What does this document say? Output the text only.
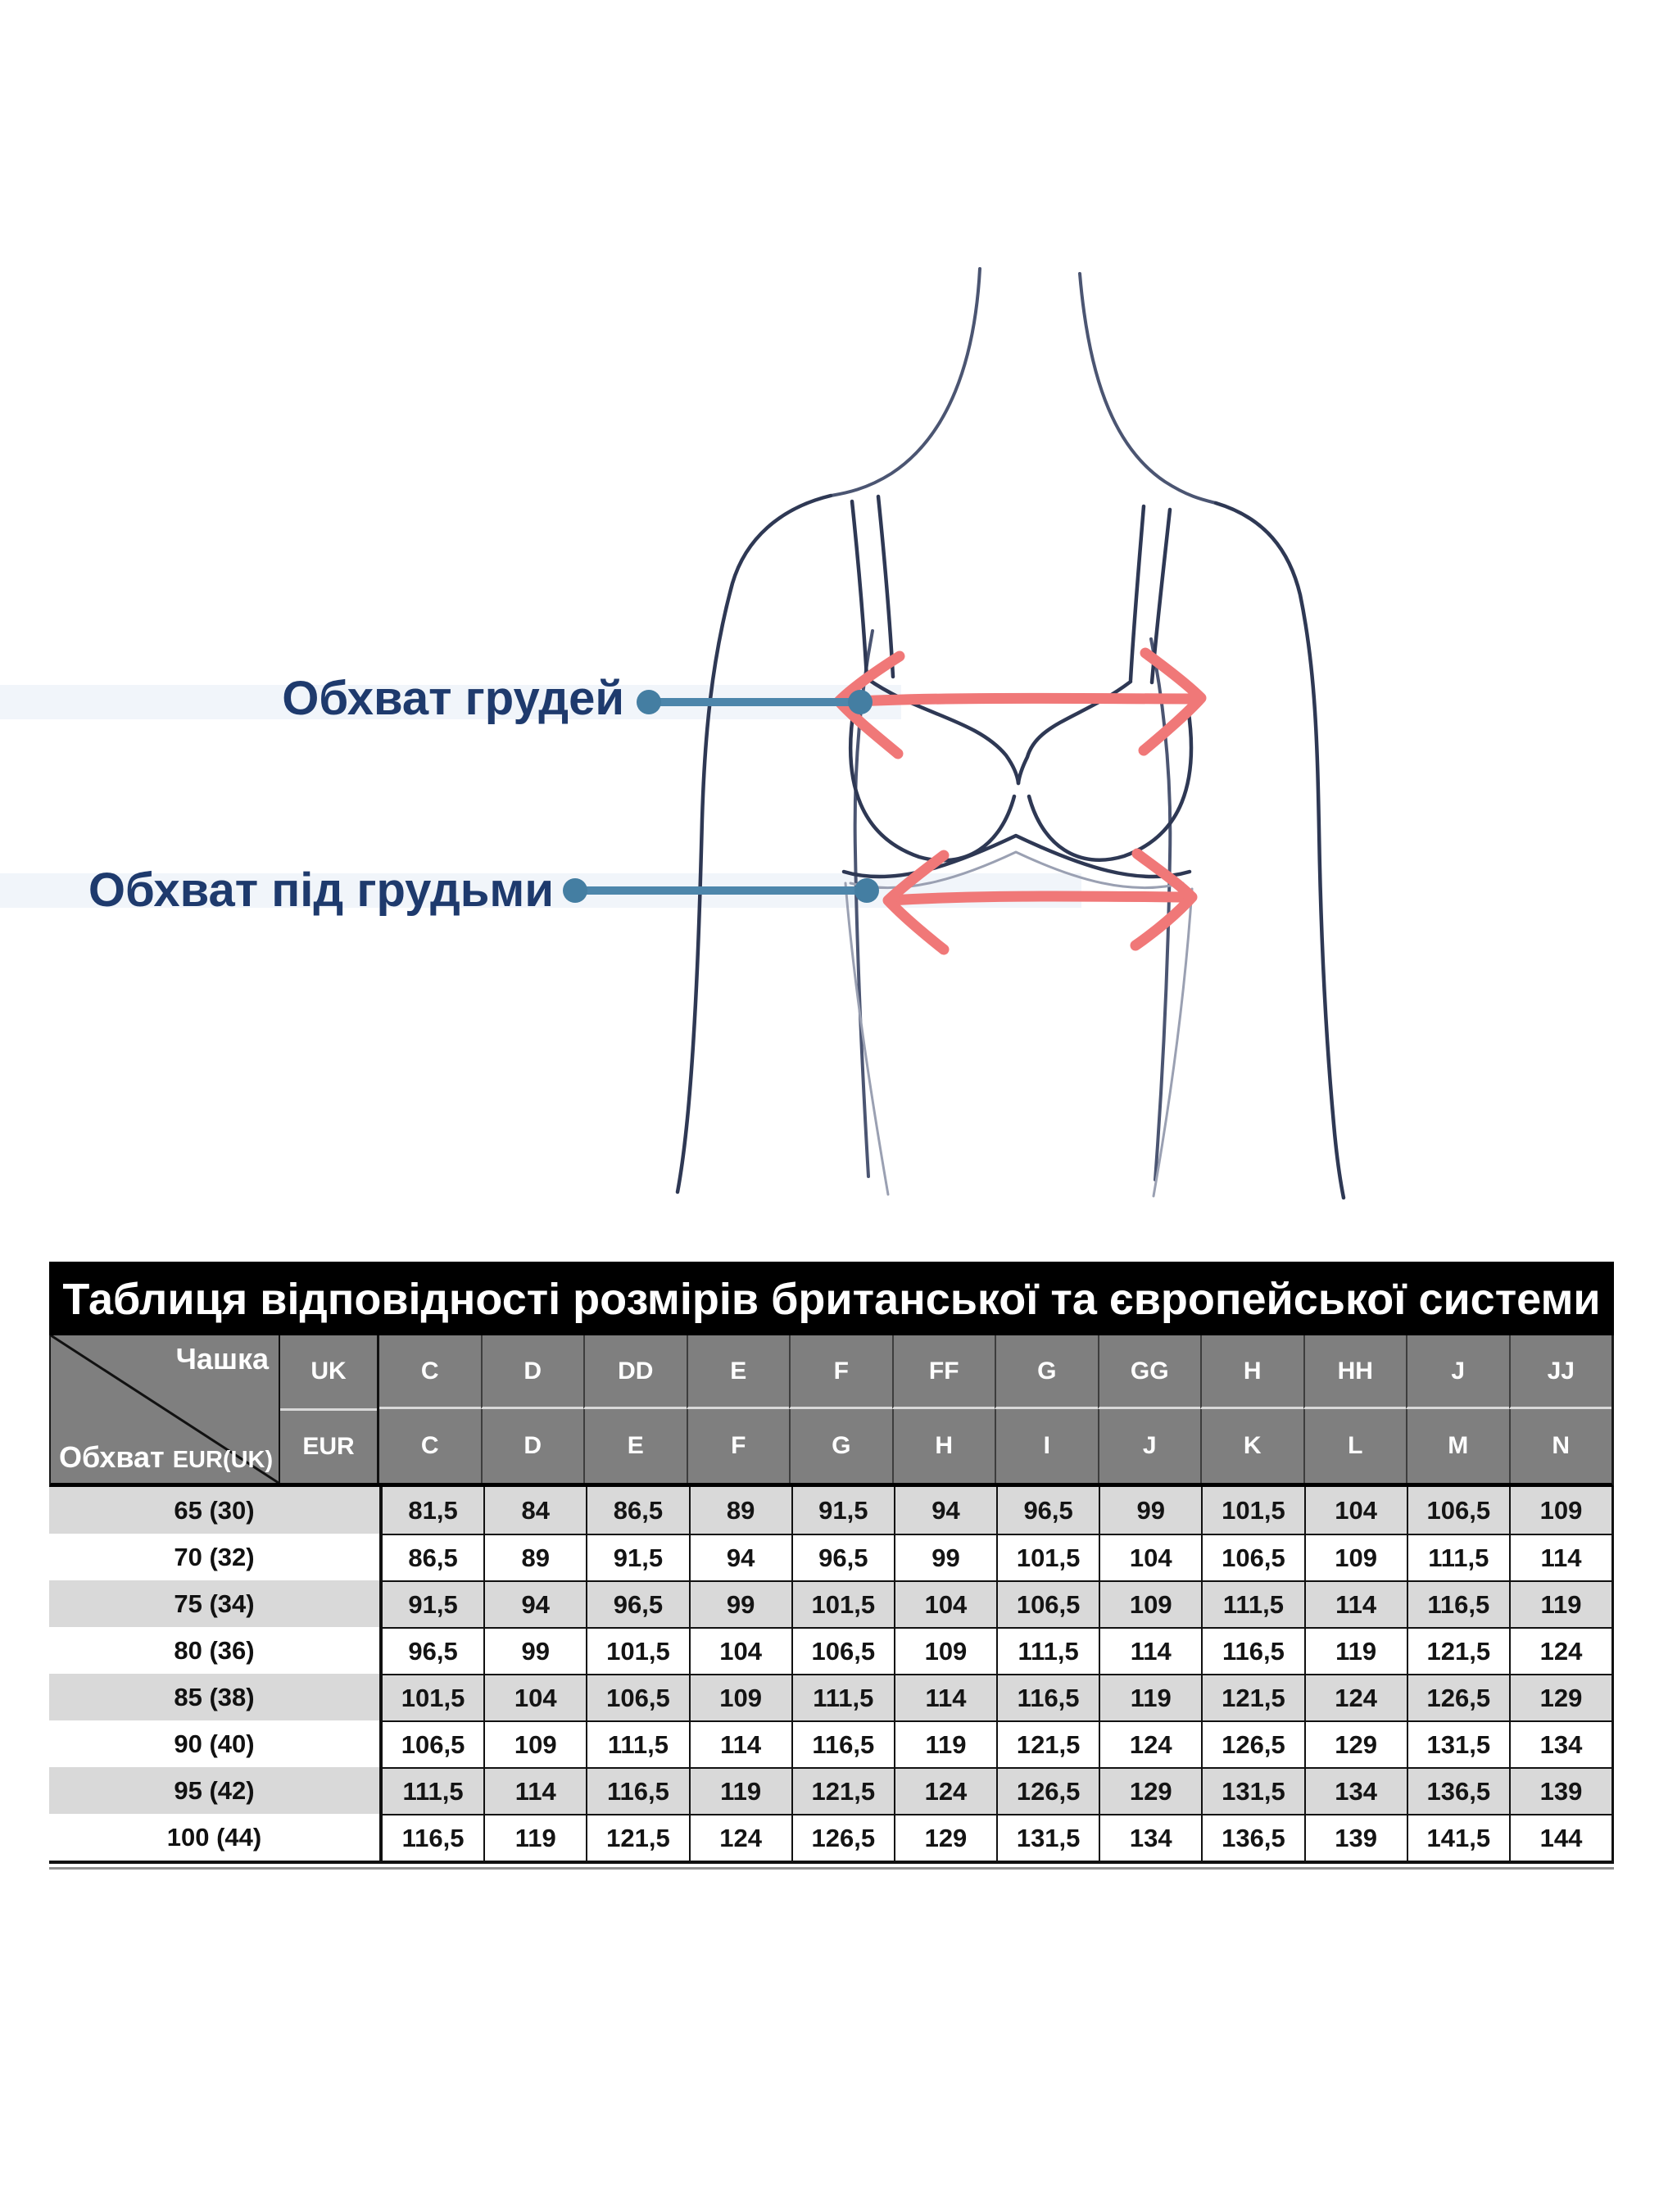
Обхват грудей
Обхват під грудьми
Таблиця відповідності розмірів британської та європейської системи
Чашка
Обхват EUR(UK)
UK
EUR
C	D	DD	E	F	FF	G	GG	H	HH	J	JJ
C	D	E	F	G	H	I	J	K	L	M	N
65 (30)	81,5	84	86,5	89	91,5	94	96,5	99	101,5	104	106,5	109
70 (32)	86,5	89	91,5	94	96,5	99	101,5	104	106,5	109	111,5	114
75 (34)	91,5	94	96,5	99	101,5	104	106,5	109	111,5	114	116,5	119
80 (36)	96,5	99	101,5	104	106,5	109	111,5	114	116,5	119	121,5	124
85 (38)	101,5	104	106,5	109	111,5	114	116,5	119	121,5	124	126,5	129
90 (40)	106,5	109	111,5	114	116,5	119	121,5	124	126,5	129	131,5	134
95 (42)	111,5	114	116,5	119	121,5	124	126,5	129	131,5	134	136,5	139
100 (44)	116,5	119	121,5	124	126,5	129	131,5	134	136,5	139	141,5	144
